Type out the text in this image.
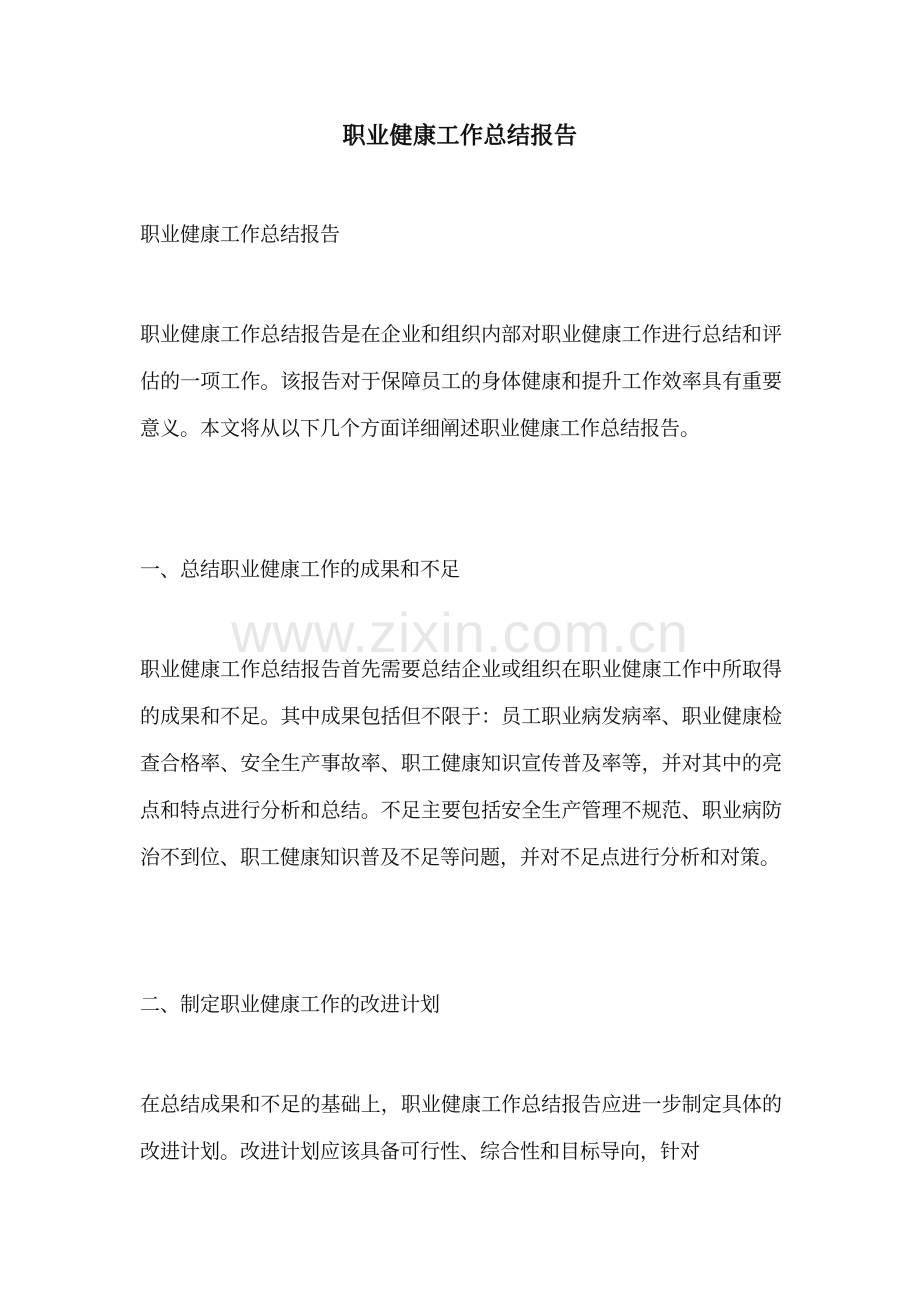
职业健康工作总结报告

职业健康工作总结报告

职业健康工作总结报告是在企业和组织内部对职业健康工作进行总结和评估的一项工作。该报告对于保障员工的身体健康和提升工作效率具有重要意义。本文将从以下几个方面详细阐述职业健康工作总结报告。

一、总结职业健康工作的成果和不足

职业健康工作总结报告首先需要总结企业或组织在职业健康工作中所取得的成果和不足。其中成果包括但不限于：员工职业病发病率、职业健康检查合格率、安全生产事故率、职工健康知识宣传普及率等，并对其中的亮点和特点进行分析和总结。不足主要包括安全生产管理不规范、职业病防治不到位、职工健康知识普及不足等问题，并对不足点进行分析和对策。

二、制定职业健康工作的改进计划

在总结成果和不足的基础上，职业健康工作总结报告应进一步制定具体的改进计划。改进计划应该具备可行性、综合性和目标导向，针对

www.zixin.com.cn
